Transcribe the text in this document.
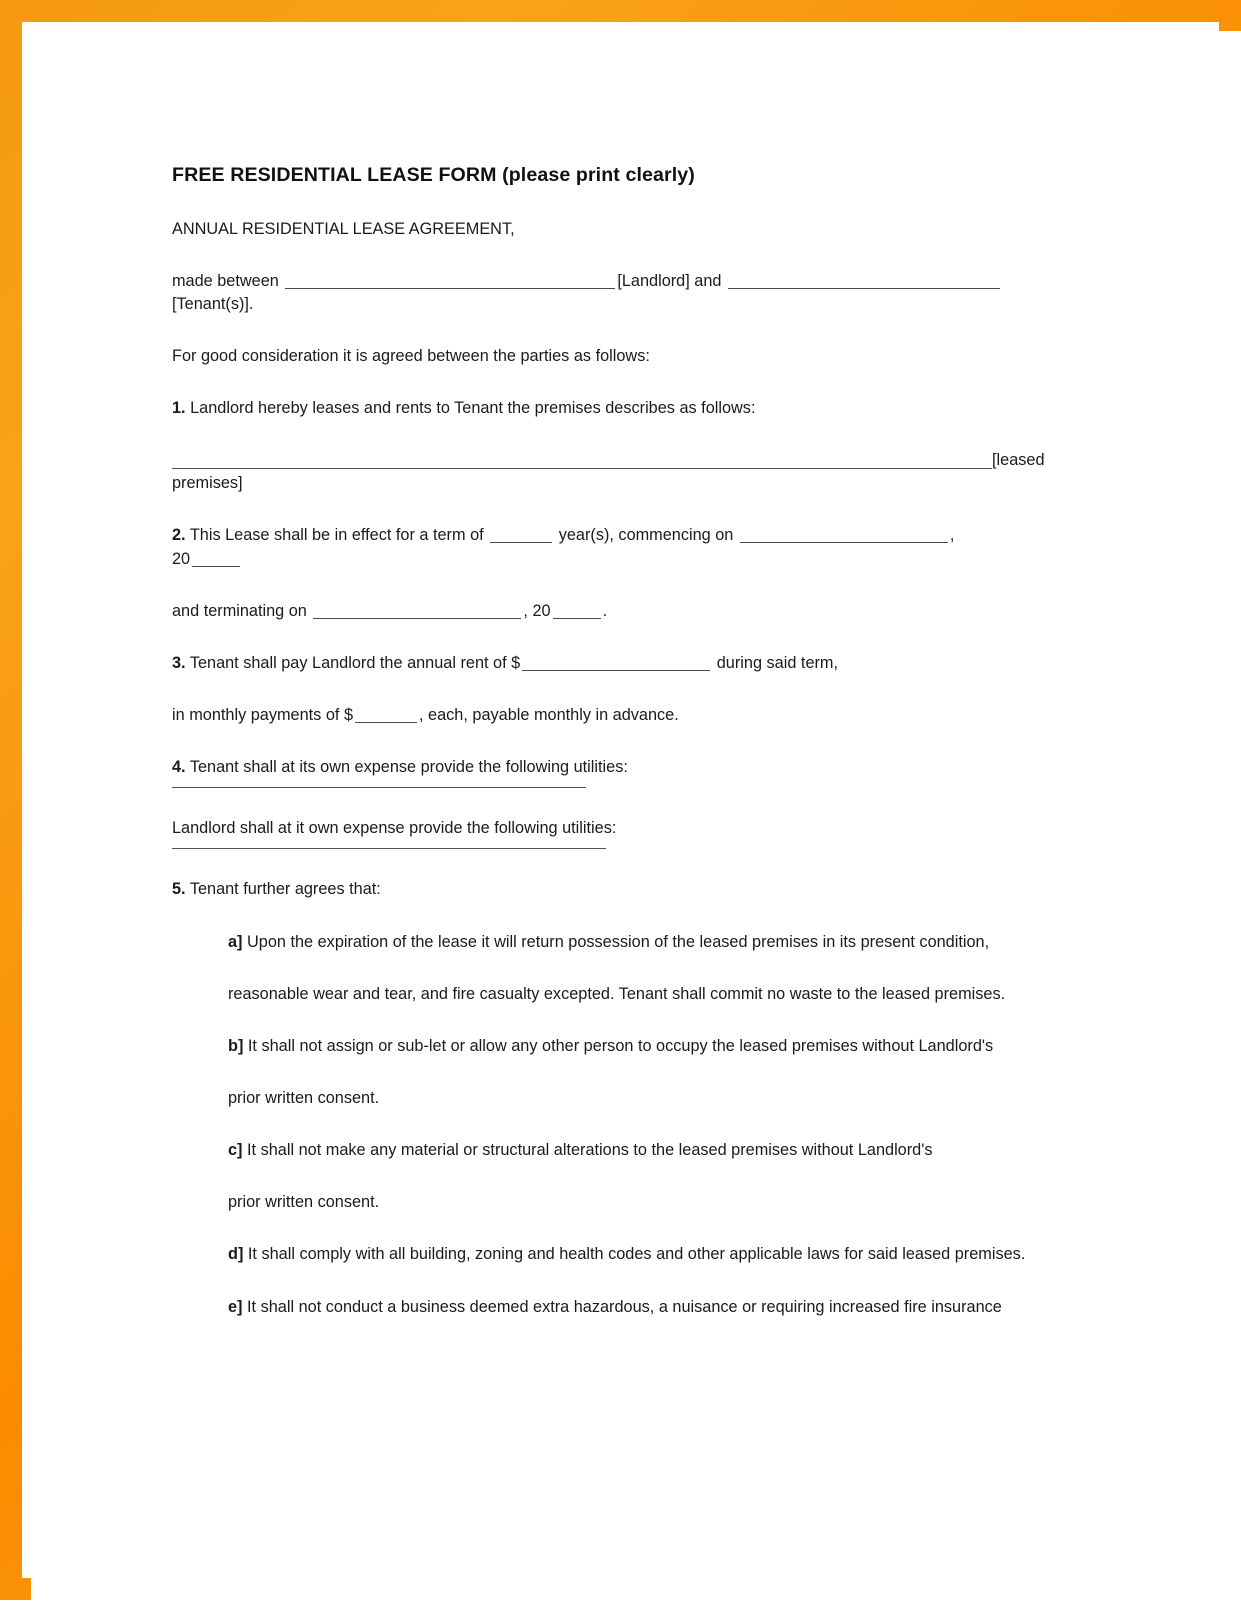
FREE RESIDENTIAL LEASE FORM (please print clearly)

ANNUAL RESIDENTIAL LEASE AGREEMENT,

made between	[Landlord] and
[Tenant(s)].

For good consideration it is agreed between the parties as follows:

1. Landlord hereby leases and rents to Tenant the premises describes as follows:

[leased premises]

2. This Lease shall be in effect for a term of	year(s), commencing on	,
20

and terminating on	, 20	.

3. Tenant shall pay Landlord the annual rent of $	during said term,

in monthly payments of $	, each, payable monthly in advance.

4. Tenant shall at its own expense provide the following utilities:

Landlord shall at it own expense provide the following utilities:

5. Tenant further agrees that:

a] Upon the expiration of the lease it will return possession of the leased premises in its present condition,

reasonable wear and tear, and fire casualty excepted. Tenant shall commit no waste to the leased premises.

b] It shall not assign or sub-let or allow any other person to occupy the leased premises without Landlord's

prior written consent.

c] It shall not make any material or structural alterations to the leased premises without Landlord's

prior written consent.

d] It shall comply with all building, zoning and health codes and other applicable laws for said leased premises.

e] It shall not conduct a business deemed extra hazardous, a nuisance or requiring increased fire insurance
